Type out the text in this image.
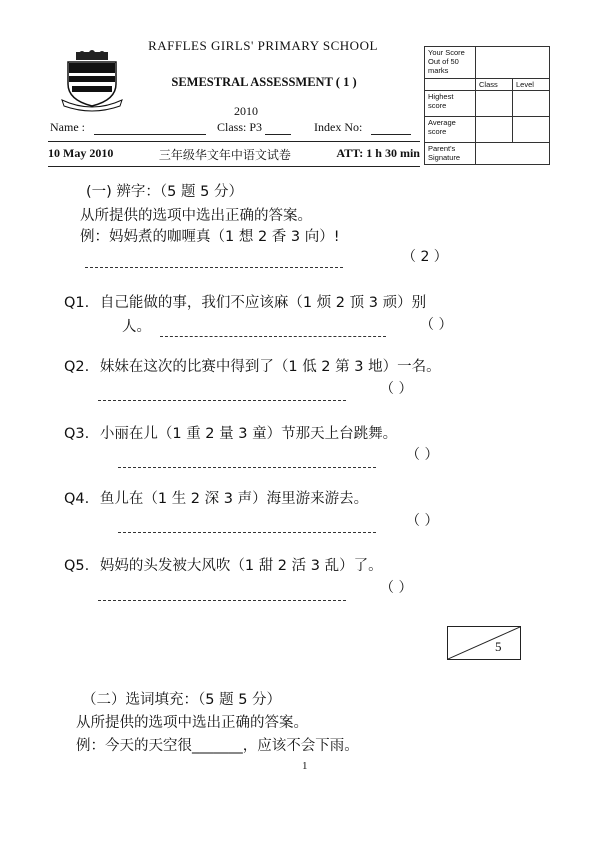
RAFFLES GIRLS' PRIMARY SCHOOL
SEMESTRAL ASSESSMENT ( 1 )
2010
Name :	Class: P3	Index No:
10 May 2010	三年级华文年中语文试卷	ATT: 1 h 30 min
Your Score Out of 50 marks		
	Class	Level
Highest score		
Average score		
Parent's Signature		
(一) 辨字：（5 题 5 分）
从所提供的选项中选出正确的答案。
例：妈妈煮的咖喱真（1 想 2 香 3 向）!
（ 2 ）
Q1. 自己能做的事，我们不应该麻（1 烦 2 顶 3 顽）别
人。	（ ）
Q2. 妹妹在这次的比赛中得到了（1 低 2 第 3 地）一名。
（ ）
Q3. 小丽在儿（1 重 2 量 3 童）节那天上台跳舞。
（ ）
Q4. 鱼儿在（1 生 2 深 3 声）海里游来游去。
（ ）
Q5. 妈妈的头发被大风吹（1 甜 2 活 3 乱）了。
（ ）
5
（二）选词填充：（5 题 5 分）
从所提供的选项中选出正确的答案。
例：今天的天空很_______，应该不会下雨。
1
